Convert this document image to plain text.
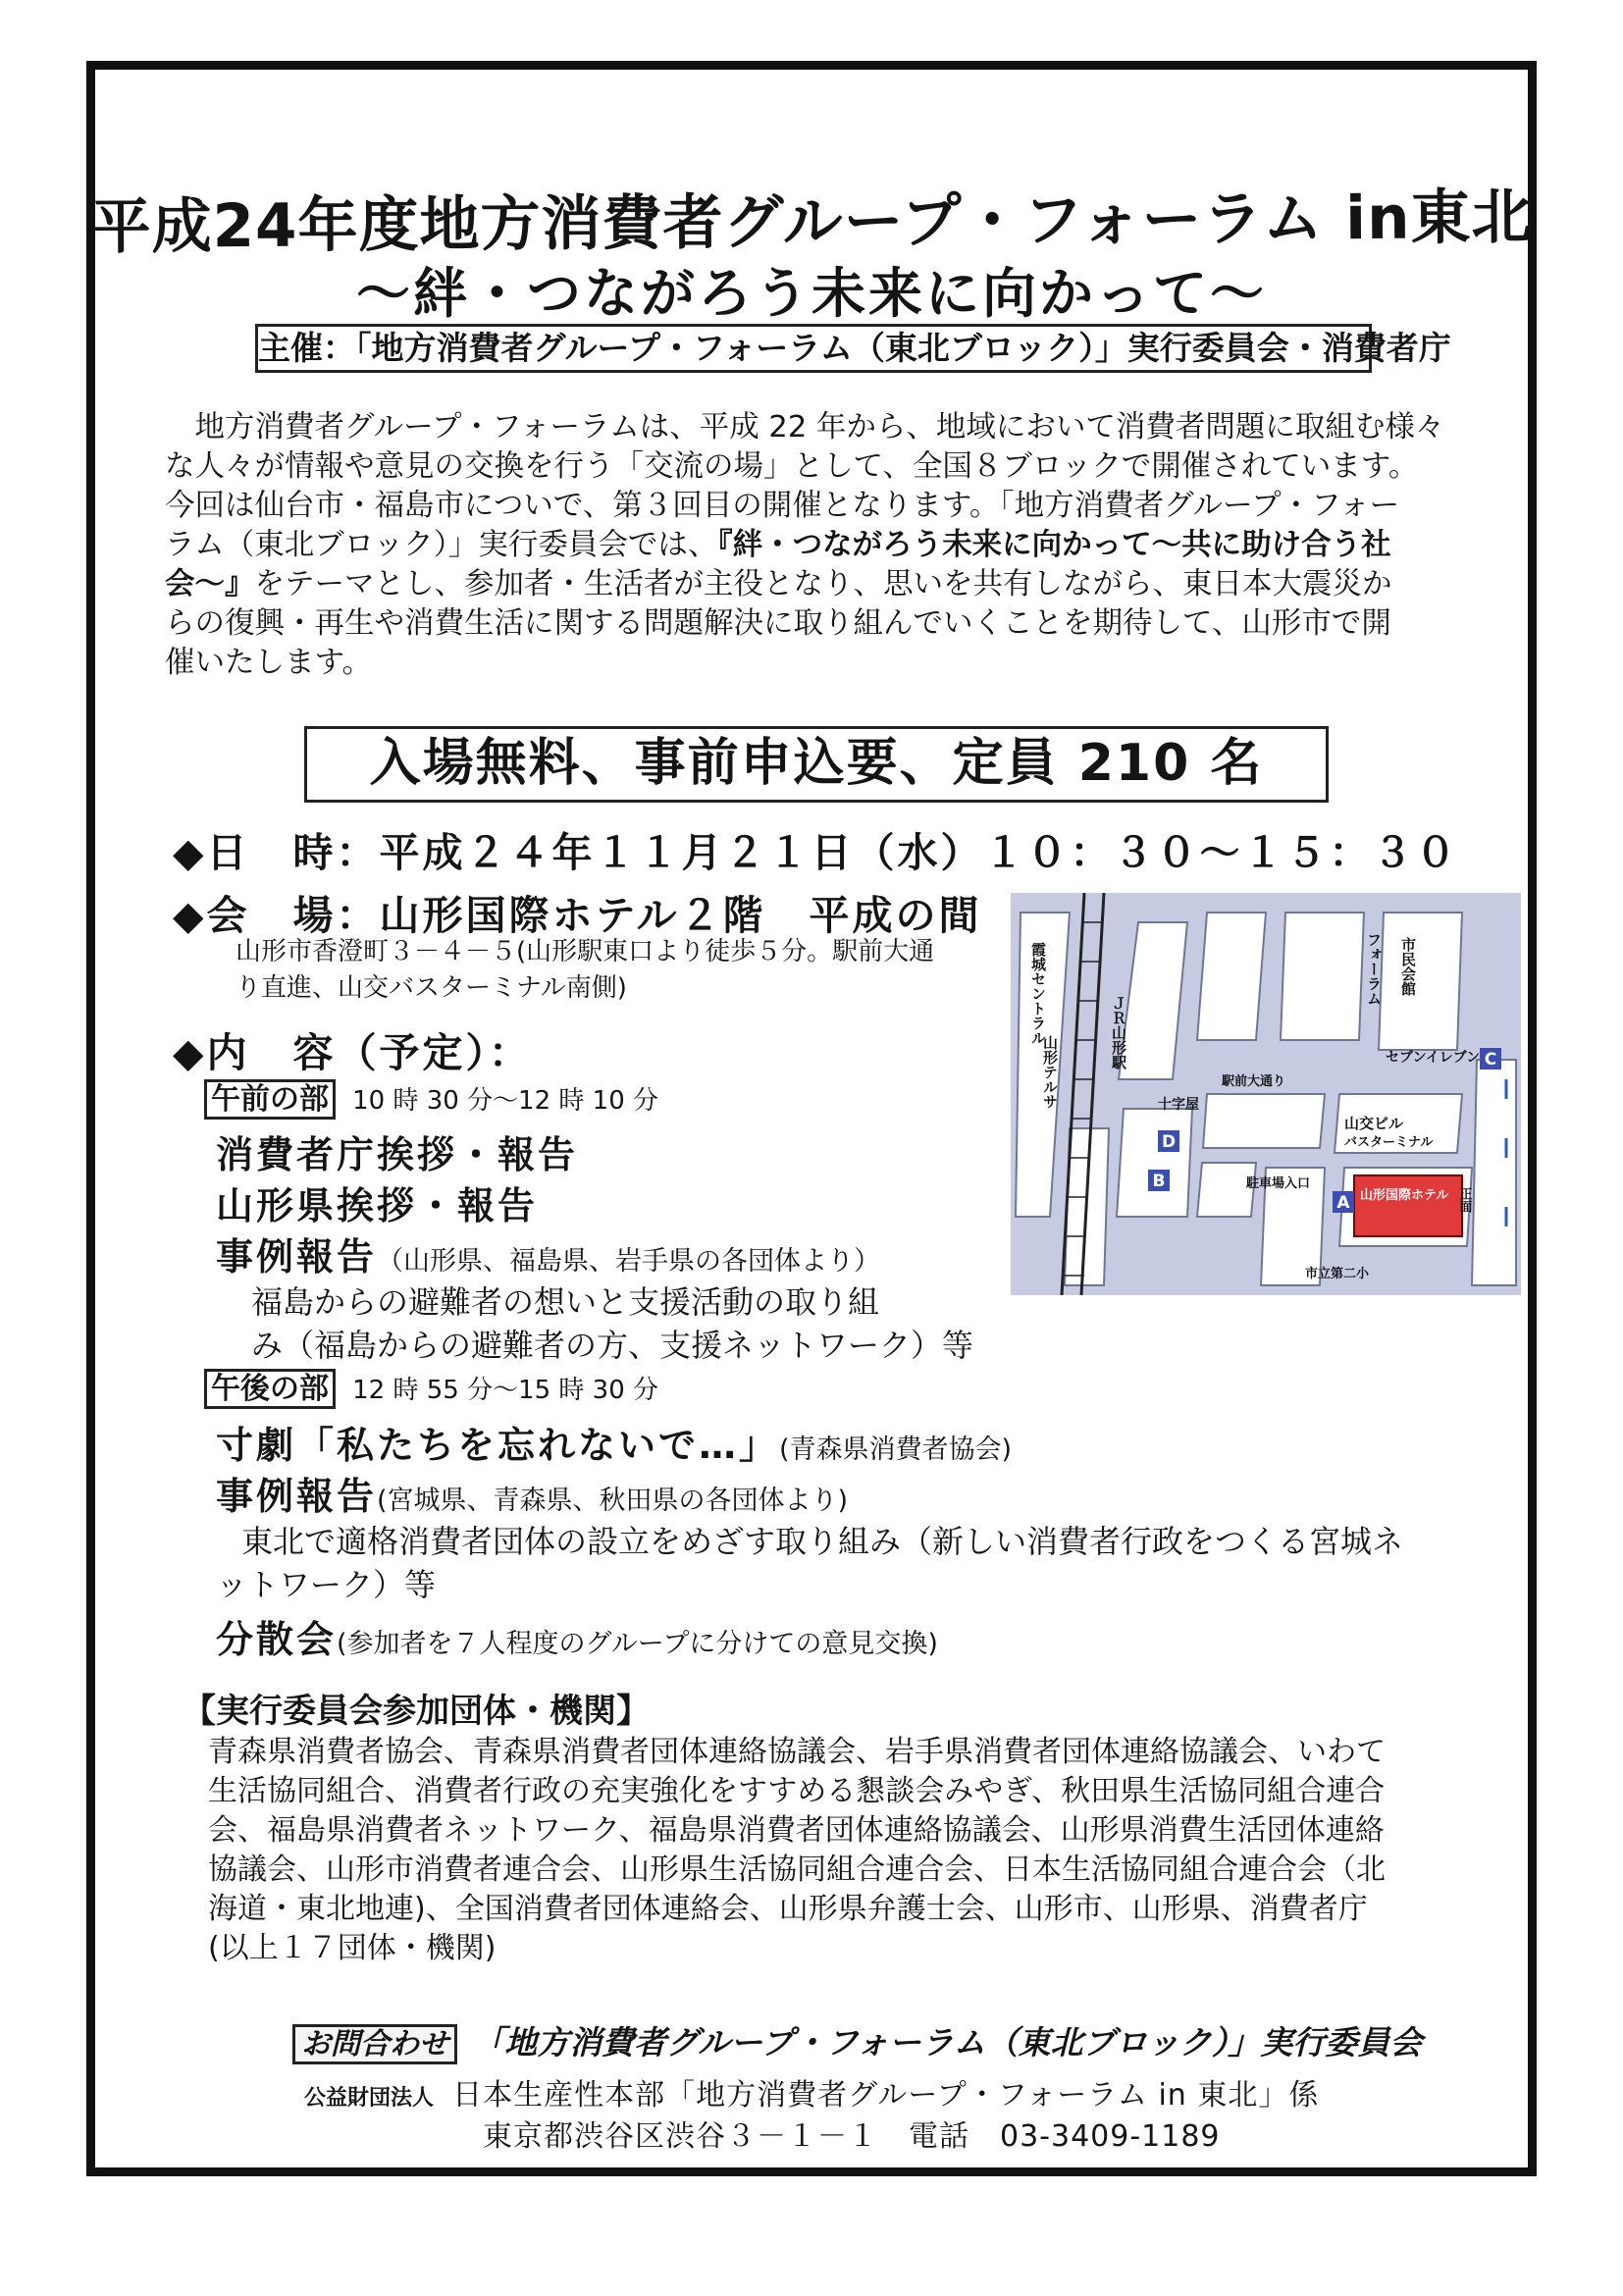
平成24年度地方消費者グループ・フォーラム in東北
～絆・つながろう未来に向かって～
主催：「地方消費者グループ・フォーラム（東北ブロック）」実行委員会・消費者庁

　地方消費者グループ・フォーラムは、平成 22 年から、地域において消費者問題に取組む様々

な人々が情報や意見の交換を行う「交流の場」として、全国８ブロックで開催されています。

今回は仙台市・福島市についで、第３回目の開催となります。「地方消費者グループ・フォー

ラム（東北ブロック）」実行委員会では、『絆・つながろう未来に向かって～共に助け合う社

会～』をテーマとし、参加者・生活者が主役となり、思いを共有しながら、東日本大震災か

らの復興・再生や消費生活に関する問題解決に取り組んでいくことを期待して、山形市で開

催いたします。

入場無料、事前申込要、定員 210 名
◆日　時：平成２４年１１月２１日（水）１０：３０～１５：３０
◆会　場：山形国際ホテル２階　平成の間
山形市香澄町３－４－５(山形駅東口より徒歩５分。駅前大通
り直進、山交バスターミナル南側)
◆内　容（予定）：
午前の部 10 時 30 分～12 時 10 分
消費者庁挨拶・報告
山形県挨拶・報告
事例報告（山形県、福島県、岩手県の各団体より）
福島からの避難者の想いと支援活動の取り組
み（福島からの避難者の方、支援ネットワーク）等
午後の部 12 時 55 分～15 時 30 分
寸劇「私たちを忘れないで…」(青森県消費者協会)
事例報告(宮城県、青森県、秋田県の各団体より)
東北で適格消費者団体の設立をめざす取り組み（新しい消費者行政をつくる宮城ネ
ットワーク）等
分散会(参加者を７人程度のグループに分けての意見交換)
【実行委員会参加団体・機関】
青森県消費者協会、青森県消費者団体連絡協議会、岩手県消費者団体連絡協議会、いわて
生活協同組合、消費者行政の充実強化をすすめる懇談会みやぎ、秋田県生活協同組合連合
会、福島県消費者ネットワーク、福島県消費者団体連絡協議会、山形県消費生活団体連絡
協議会、山形市消費者連合会、山形県生活協同組合連合会、日本生活協同組合連合会（北
海道・東北地連)、全国消費者団体連絡会、山形県弁護士会、山形市、山形県、消費者庁
(以上１７団体・機関)
お問合わせ 「地方消費者グループ・フォーラム（東北ブロック）」実行委員会
公益財団法人 日本生産性本部「地方消費者グループ・フォーラム in 東北」係
東京都渋谷区渋谷３－１－１　 電話　03-3409-1189
A
B
C
D
霞城セントラル	ＪＲ山形駅
山形テルサ
フォーラム 市民会館
駅前大通り
セブンイレブン
十字屋
山交ビル
バスターミナル
駐車場入口
山形国際ホテル
市立第二小
正面
